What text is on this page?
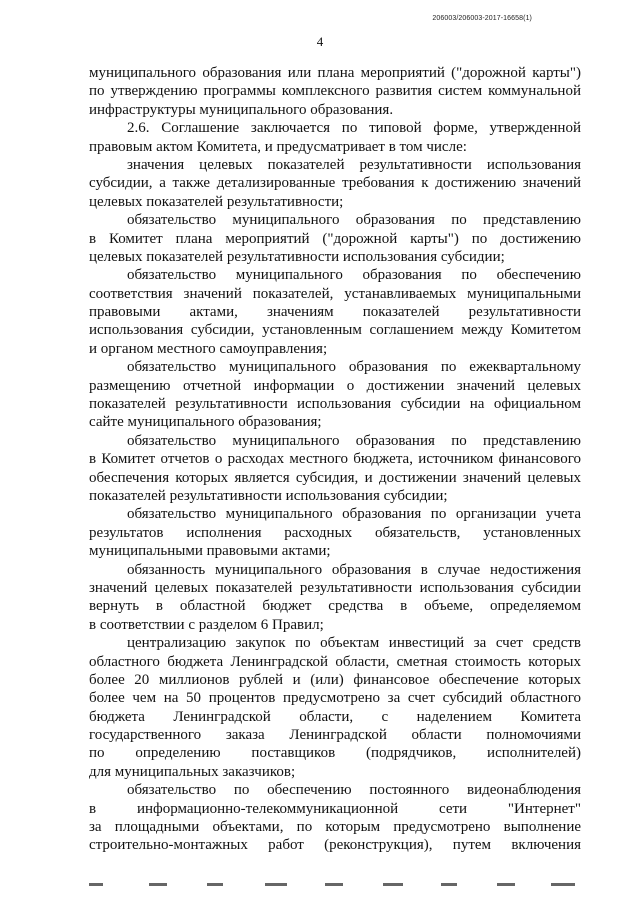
206003/206003-2017-16658(1)
4
муниципального образования или плана мероприятий ("дорожной карты")
по утверждению программы комплексного развития систем коммунальной
инфраструктуры муниципального образования.
2.6. Соглашение заключается по типовой форме, утвержденной
правовым актом Комитета, и предусматривает в том числе:
значения целевых показателей результативности использования
субсидии, а также детализированные требования к достижению значений
целевых показателей результативности;
обязательство муниципального образования по представлению
в Комитет плана мероприятий ("дорожной карты") по достижению
целевых показателей результативности использования субсидии;
обязательство муниципального образования по обеспечению
соответствия значений показателей, устанавливаемых муниципальными
правовыми актами, значениям показателей результативности
использования субсидии, установленным соглашением между Комитетом
и органом местного самоуправления;
обязательство муниципального образования по ежеквартальному
размещению отчетной информации о достижении значений целевых
показателей результативности использования субсидии на официальном
сайте муниципального образования;
обязательство муниципального образования по представлению
в Комитет отчетов о расходах местного бюджета, источником финансового
обеспечения которых является субсидия, и достижении значений целевых
показателей результативности использования субсидии;
обязательство муниципального образования по организации учета
результатов исполнения расходных обязательств, установленных
муниципальными правовыми актами;
обязанность муниципального образования в случае недостижения
значений целевых показателей результативности использования субсидии
вернуть в областной бюджет средства в объеме, определяемом
в соответствии с разделом 6 Правил;
централизацию закупок по объектам инвестиций за счет средств
областного бюджета Ленинградской области, сметная стоимость которых
более 20 миллионов рублей и (или) финансовое обеспечение которых
более чем на 50 процентов предусмотрено за счет субсидий областного
бюджета Ленинградской области, с наделением Комитета
государственного заказа Ленинградской области полномочиями
по определению поставщиков (подрядчиков, исполнителей)
для муниципальных заказчиков;
обязательство по обеспечению постоянного видеонаблюдения
в информационно-телекоммуникационной сети "Интернет"
за площадными объектами, по которым предусмотрено выполнение
строительно-монтажных работ (реконструкция), путем включения
